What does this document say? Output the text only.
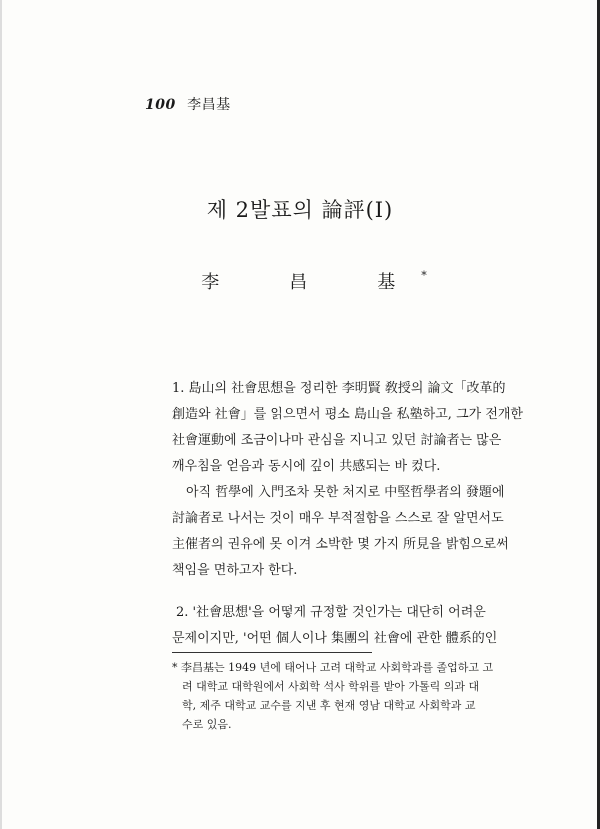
100 李昌基
제 2발표의 論評(I)
李　昌　基*
1. 島山의 社會思想을 정리한 李明賢 敎授의 論文「改革的
創造와 社會」를 읽으면서 평소 島山을 私塾하고, 그가 전개한
社會運動에 조금이나마 관심을 지니고 있던 討論者는 많은
깨우침을 얻음과 동시에 깊이 共感되는 바 컸다.
아직 哲學에 入門조차 못한 처지로 中堅哲學者의 發題에
討論者로 나서는 것이 매우 부적절함을 스스로 잘 알면서도
主催者의 권유에 못 이겨 소박한 몇 가지 所見을 밝힘으로써
책임을 면하고자 한다.
2. '社會思想'을 어떻게 규정할 것인가는 대단히 어려운
문제이지만, '어떤 個人이나 集團의 社會에 관한 體系的인
* 李昌基는 1949 년에 태어나 고려 대학교 사회학과를 졸업하고 고
려 대학교 대학원에서 사회학 석사 학위를 받아 가톨릭 의과 대
학, 제주 대학교 교수를 지낸 후 현재 영남 대학교 사회학과 교
수로 있음.
